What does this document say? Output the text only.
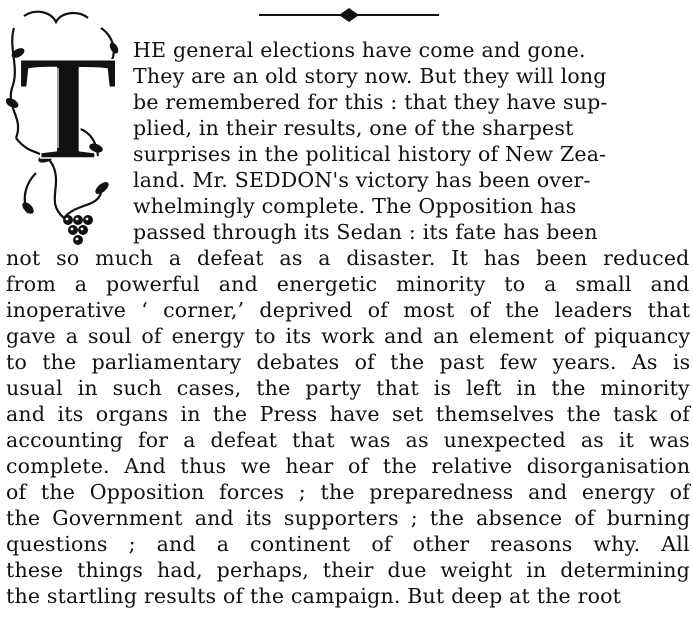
T HE general elections have come and gone.
They are an old story now. But they will long
be remembered for this : that they have sup-
plied, in their results, one of the sharpest
surprises in the political history of New Zea-
land. Mr. SEDDON's victory has been over-
whelmingly complete. The Opposition has
passed through its Sedan : its fate has been
not so much a defeat as a disaster. It has been reduced
from a powerful and energetic minority to a small and
inoperative ‘ corner,’ deprived of most of the leaders that
gave a soul of energy to its work and an element of piquancy
to the parliamentary debates of the past few years. As is
usual in such cases, the party that is left in the minority
and its organs in the Press have set themselves the task of
accounting for a defeat that was as unexpected as it was
complete. And thus we hear of the relative disorganisation
of the Opposition forces ; the preparedness and energy of
the Government and its supporters ; the absence of burning
questions ; and a continent of other reasons why. All
these things had, perhaps, their due weight in determining
the startling results of the campaign. But deep at the root
